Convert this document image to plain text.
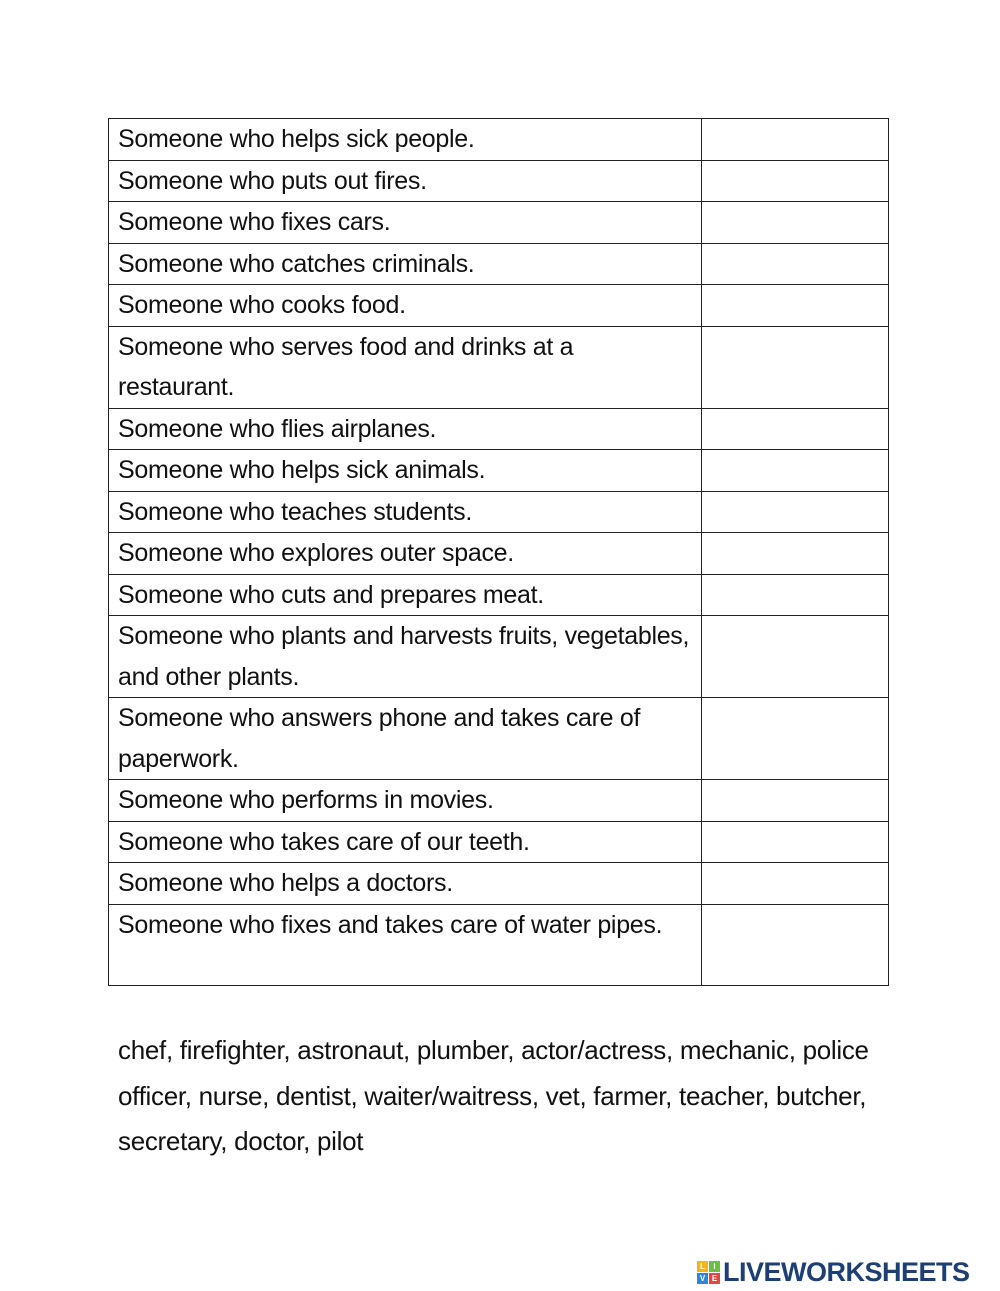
Someone who helps sick people.	
Someone who puts out fires.	
Someone who fixes cars.	
Someone who catches criminals.	
Someone who cooks food.	
Someone who serves food and drinks at a restaurant.	
Someone who flies airplanes.	
Someone who helps sick animals.	
Someone who teaches students.	
Someone who explores outer space.	
Someone who cuts and prepares meat.	
Someone who plants and harvests fruits, vegetables, and other plants.	
Someone who answers phone and takes care of paperwork.	
Someone who performs in movies.	
Someone who takes care of our teeth.	
Someone who helps a doctors.	
Someone who fixes and takes care of water pipes.	
chef, firefighter, astronaut, plumber, actor/actress, mechanic, police officer, nurse, dentist, waiter/waitress, vet, farmer, teacher, butcher, secretary, doctor, pilot
L	I
V E LIVEWORKSHEETS
